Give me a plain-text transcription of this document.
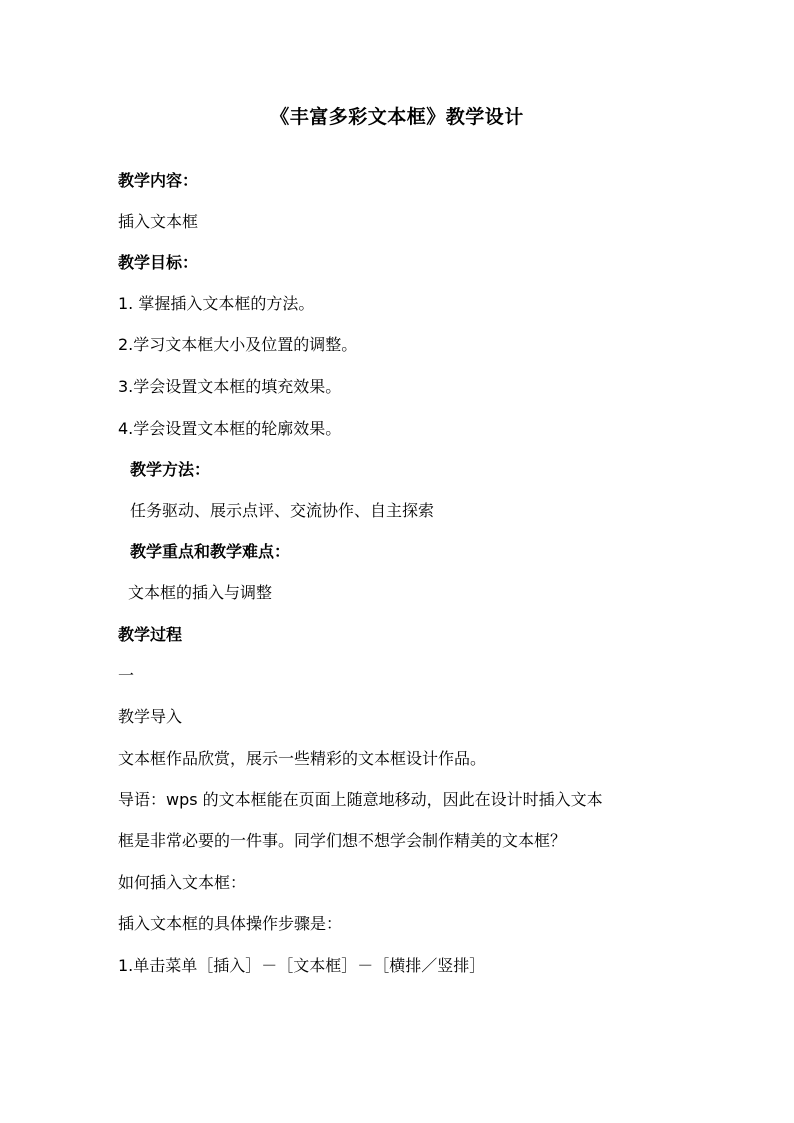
《丰富多彩文本框》教学设计
教学内容：
插入文本框
教学目标：
1. 掌握插入文本框的方法。
2.学习文本框大小及位置的调整。
3.学会设置文本框的填充效果。
4.学会设置文本框的轮廓效果。
教学方法：
任务驱动、展示点评、交流协作、自主探索
教学重点和教学难点：
文本框的插入与调整
教学过程
一
教学导入
文本框作品欣赏，展示一些精彩的文本框设计作品。
导语：wps 的文本框能在页面上随意地移动，因此在设计时插入文本
框是非常必要的一件事。同学们想不想学会制作精美的文本框？
如何插入文本框：
插入文本框的具体操作步骤是：
1.单击菜单［插入］－［文本框］－［横排／竖排］
